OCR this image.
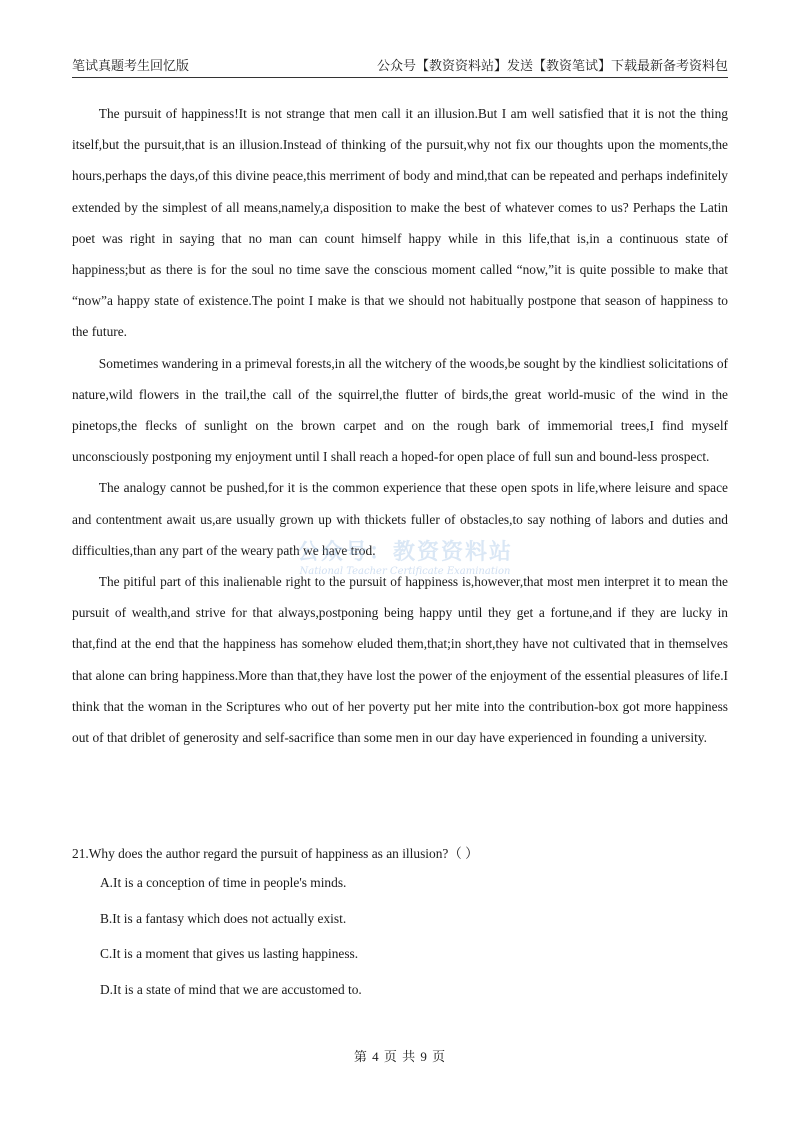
笔试真题考生回忆版	公众号【教资资料站】发送【教资笔试】下载最新备考资料包

The pursuit of happiness!It is not strange that men call it an illusion.But I am well satisfied that it is not the thing itself,but the pursuit,that is an illusion.Instead of thinking of the pursuit,why not fix our thoughts upon the moments,the hours,perhaps the days,of this divine peace,this merriment of body and mind,that can be repeated and perhaps indefinitely extended by the simplest of all means,namely,a disposition to make the best of whatever comes to us? Perhaps the Latin poet was right in saying that no man can count himself happy while in this life,that is,in a continuous state of happiness;but as there is for the soul no time save the conscious moment called “now,”it is quite possible to make that “now”a happy state of existence.The point I make is that we should not habitually postpone that season of happiness to the future.

Sometimes wandering in a primeval forests,in all the witchery of the woods,be sought by the kindliest solicitations of nature,wild flowers in the trail,the call of the squirrel,the flutter of birds,the great world-music of the wind in the pinetops,the flecks of sunlight on the brown carpet and on the rough bark of immemorial trees,I find myself unconsciously postponing my enjoyment until I shall reach a hoped-for open place of full sun and bound-less prospect.

The analogy cannot be pushed,for it is the common experience that these open spots in life,where leisure and space and contentment await us,are usually grown up with thickets fuller of obstacles,to say nothing of labors and duties and difficulties,than any part of the weary path we have trod.

The pitiful part of this inalienable right to the pursuit of happiness is,however,that most men interpret it to mean the pursuit of wealth,and strive for that always,postponing being happy until they get a fortune,and if they are lucky in that,find at the end that the happiness has somehow eluded them,that;in short,they have not cultivated that in themselves that alone can bring happiness.More than that,they have lost the power of the enjoyment of the essential pleasures of life.I think that the woman in the Scriptures who out of her poverty put her mite into the contribution-box got more happiness out of that driblet of generosity and self-sacrifice than some men in our day have experienced in founding a university.

公众号：教资资料站
National Teacher Certificate Examination

21.Why does the author regard the pursuit of happiness as an illusion?（ ）

A.It is a conception of time in people's minds.

B.It is a fantasy which does not actually exist.

C.It is a moment that gives us lasting happiness.

D.It is a state of mind that we are accustomed to.

第 4 页 共 9 页
